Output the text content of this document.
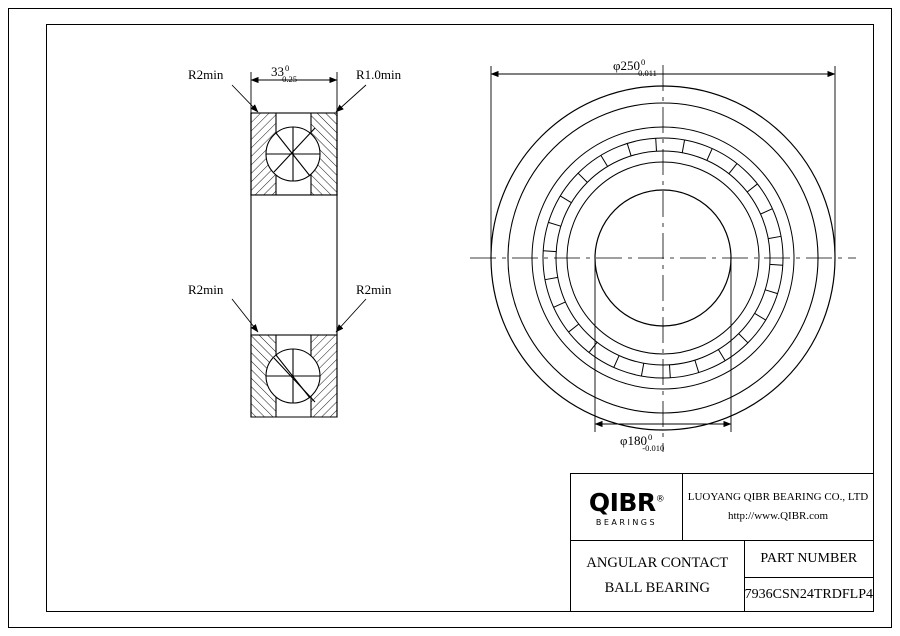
$33^0$ -0.25
R2min	R1.0min
R2min	R2min
$\varphi 250^0$ -0.011
$\varphi 180^0$ -0.010
QIBR®
BEARINGS
LUOYANG QIBR BEARING CO., LTD
http://www.QIBR.com
ANGULAR CONTACT
BALL BEARING
PART NUMBER
7936CSN24TRDFLP4
